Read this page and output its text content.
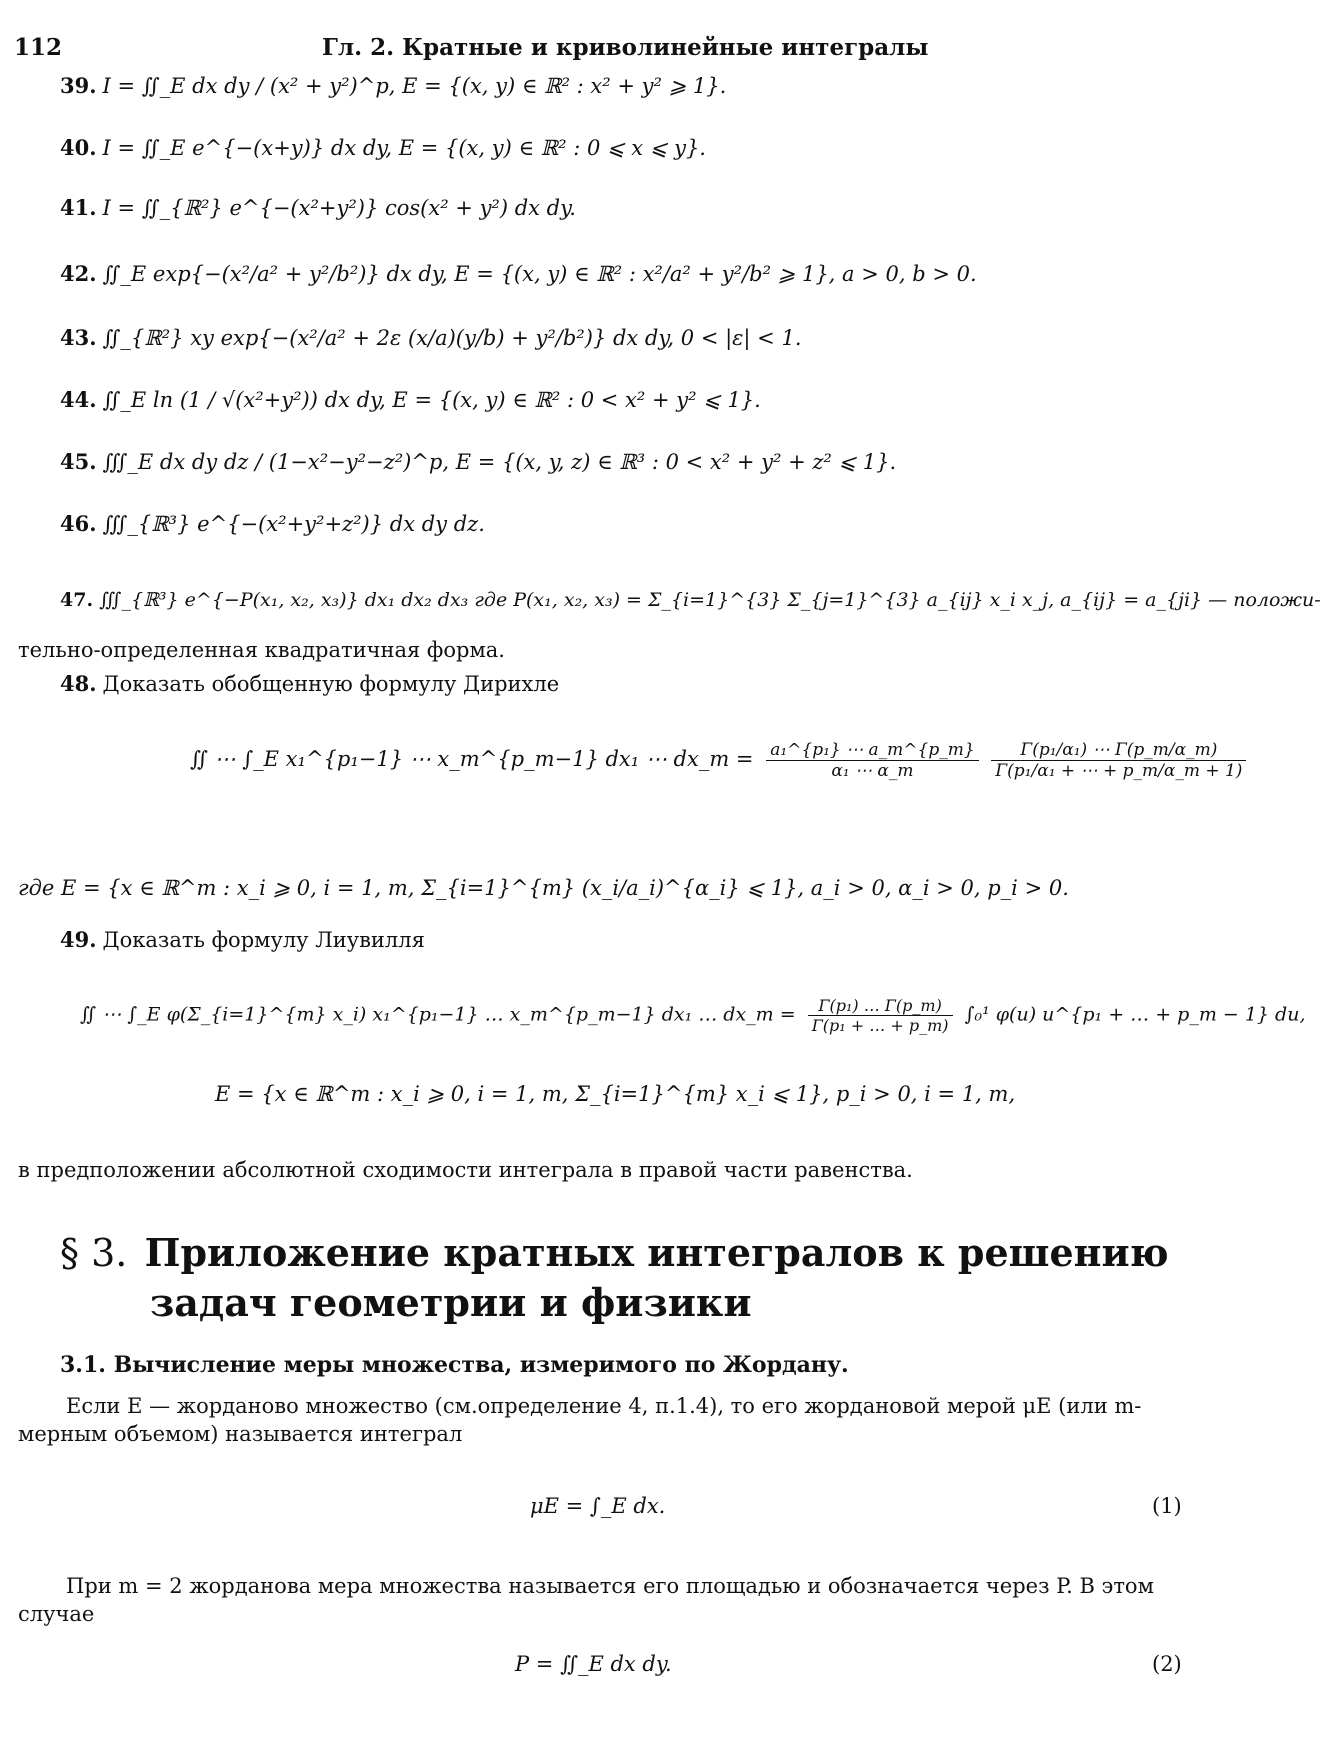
112	Гл. 2. Кратные и криволинейные интегралы
39. I = ∬_E dx dy / (x² + y²)^p, E = {(x, y) ∈ ℝ² : x² + y² ⩾ 1}.
40. I = ∬_E e^{−(x+y)} dx dy, E = {(x, y) ∈ ℝ² : 0 ⩽ x ⩽ y}.
41. I = ∬_{ℝ²} e^{−(x²+y²)} cos(x² + y²) dx dy.
42. ∬_E exp{−(x²/a² + y²/b²)} dx dy, E = {(x, y) ∈ ℝ² : x²/a² + y²/b² ⩾ 1}, a > 0, b > 0.
43. ∬_{ℝ²} xy exp{−(x²/a² + 2ε (x/a)(y/b) + y²/b²)} dx dy, 0 < |ε| < 1.
44. ∬_E ln (1 / √(x²+y²)) dx dy, E = {(x, y) ∈ ℝ² : 0 < x² + y² ⩽ 1}.
45. ∭_E dx dy dz / (1−x²−y²−z²)^p, E = {(x, y, z) ∈ ℝ³ : 0 < x² + y² + z² ⩽ 1}.
46. ∭_{ℝ³} e^{−(x²+y²+z²)} dx dy dz.
47. ∭_{ℝ³} e^{−P(x₁, x₂, x₃)} dx₁ dx₂ dx₃ где P(x₁, x₂, x₃) = Σ_{i=1}^{3} Σ_{j=1}^{3} a_{ij} x_i x_j, a_{ij} = a_{ji} — положи-
тельно-определенная квадратичная форма.
48. Доказать обобщенную формулу Дирихле
∬ ⋯ ∫_E x₁^{p₁−1} ⋯ x_m^{p_m−1} dx₁ ⋯ dx_m = $\frac{\text{a₁\textasciicircum{}\{p₁\} ⋯ a\_m\textasciicircum{}\{p\_m\}}}{\text{α₁ ⋯ α\_m}}$
$\frac{\text{Γ(p₁/α₁) ⋯ Γ(p\_m/α\_m)}}{\text{Γ(p₁/α₁ + ⋯ + p\_m/α\_m + 1)}}$
где E = {x ∈ ℝ^m : x_i ⩾ 0, i = 1, m, Σ_{i=1}^{m} (x_i/a_i)^{α_i} ⩽ 1}, a_i > 0, α_i > 0, p_i > 0.
49. Доказать формулу Лиувилля
∬ ⋯ ∫_E φ(Σ_{i=1}^{m} x_i) x₁^{p₁−1} … x_m^{p_m−1} dx₁ … dx_m = $\frac{\text{Γ(p₁) … Γ(p\_m)}}{\text{Γ(p₁ + … + p\_m)}} \int_0^1$ φ(u) u^{p₁ + … + p_m − 1} du,
E = {x ∈ ℝ^m : x_i ⩾ 0, i = 1, m, Σ_{i=1}^{m} x_i ⩽ 1}, p_i > 0, i = 1, m,
в предположении абсолютной сходимости интеграла в правой части равенства.
§ 3. Приложение кратных интегралов к решению
задач геометрии и физики
3.1. Вычисление меры множества, измеримого по Жордану.
Если E — жорданово множество (см.определение 4, п.1.4), то его жордановой мерой μE (или m-мерным объемом) называется интеграл
μE = ∫_E dx.	(1)
При m = 2 жорданова мера множества называется его площадью и обозначается через P. В этом случае
P = ∬_E dx dy.	(2)
